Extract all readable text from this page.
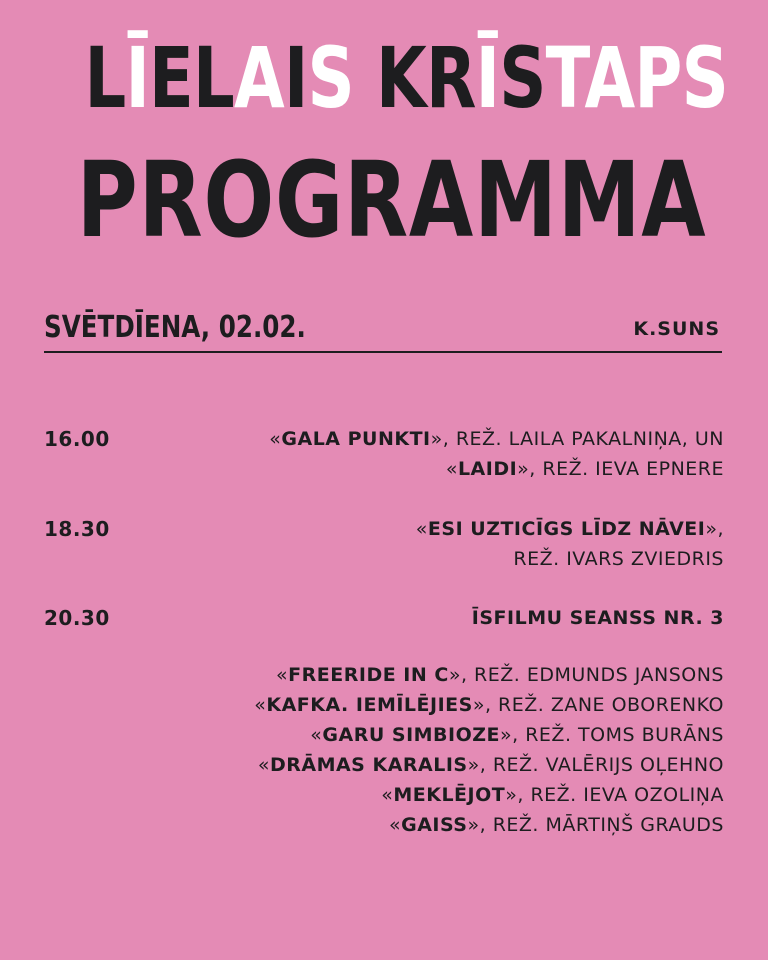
LĪELAIS KRĪSTAPS
PROGRAMMA
SVĒTDĪENA, 02.02.	K.SUNS
16.00	«GALA PUNKTI», REŽ. LAILA PAKALNIŅA, UN
«LAIDI», REŽ. IEVA EPNERE
18.30	«ESI UZTICĪGS LĪDZ NĀVEI»,
REŽ. IVARS ZVIEDRIS
20.30	ĪSFILMU SEANSS NR. 3
«FREERIDE IN C», REŽ. EDMUNDS JANSONS
«KAFKA. IEMĪLĒJIES», REŽ. ZANE OBORENKO
«GARU SIMBIOZE», REŽ. TOMS BURĀNS
«DRĀMAS KARALIS», REŽ. VALĒRIJS OĻEHNO
«MEKLĒJOT», REŽ. IEVA OZOLIŅA
«GAISS», REŽ. MĀRTIŅŠ GRAUDS
